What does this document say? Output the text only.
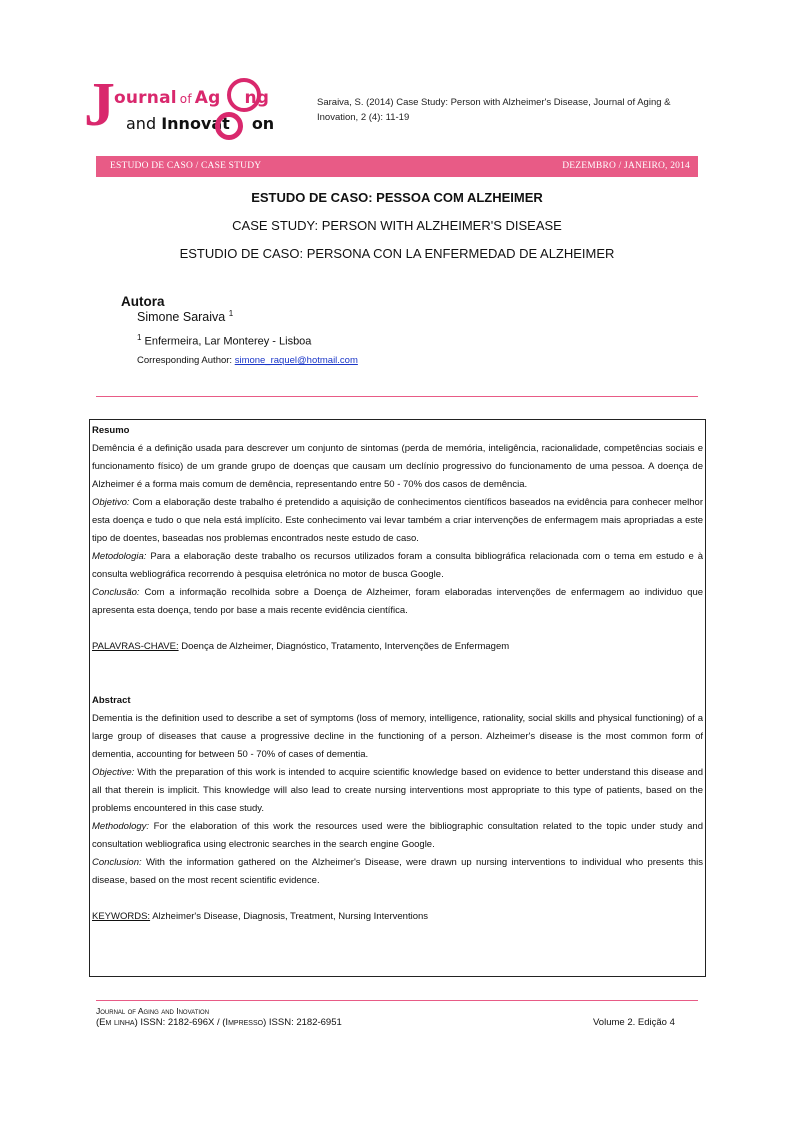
J ournal of Ag ng
and Innovat on
Saraiva, S. (2014) Case Study: Person with Alzheimer's Disease, Journal of Aging & Inovation, 2 (4): 11-19
ESTUDO DE CASO / CASE STUDY	DEZEMBRO / JANEIRO, 2014
ESTUDO DE CASO: PESSOA COM ALZHEIMER
CASE STUDY: PERSON WITH ALZHEIMER'S DISEASE
ESTUDIO DE CASO: PERSONA CON LA ENFERMEDAD DE ALZHEIMER
Autora
Simone Saraiva $^1$
$^1$ Enfermeira, Lar Monterey - Lisboa
Corresponding Author: simone_raquel@hotmail.com
Resumo

Demência é a definição usada para descrever um conjunto de sintomas (perda de memória, inteligência, racionalidade, competências sociais e funcionamento físico) de um grande grupo de doenças que causam um declínio progressivo do funcionamento de uma pessoa. A doença de Alzheimer é a forma mais comum de demência, representando entre 50 - 70% dos casos de demência.

Objetivo: Com a elaboração deste trabalho é pretendido a aquisição de conhecimentos científicos baseados na evidência para conhecer melhor esta doença e tudo o que nela está implícito. Este conhecimento vai levar também a criar intervenções de enfermagem mais apropriadas a este tipo de doentes, baseadas nos problemas encontrados neste estudo de caso.

Metodologia: Para a elaboração deste trabalho os recursos utilizados foram a consulta bibliográfica relacionada com o tema em estudo e à consulta webliográfica recorrendo à pesquisa eletrónica no motor de busca Google.

Conclusão: Com a informação recolhida sobre a Doença de Alzheimer, foram elaboradas intervenções de enfermagem ao individuo que apresenta esta doença, tendo por base a mais recente evidência científica.

PALAVRAS-CHAVE: Doença de Alzheimer, Diagnóstico, Tratamento, Intervenções de Enfermagem

Abstract

Dementia is the definition used to describe a set of symptoms (loss of memory, intelligence, rationality, social skills and physical functioning) of a large group of diseases that cause a progressive decline in the functioning of a person. Alzheimer's disease is the most common form of dementia, accounting for between 50 - 70% of cases of dementia.

Objective: With the preparation of this work is intended to acquire scientific knowledge based on evidence to better understand this disease and all that therein is implicit. This knowledge will also lead to create nursing interventions most appropriate to this type of patients, based on the problems encountered in this case study.

Methodology: For the elaboration of this work the resources used were the bibliographic consultation related to the topic under study and consultation webliografica using electronic searches in the search engine Google.

Conclusion: With the information gathered on the Alzheimer's Disease, were drawn up nursing interventions to individual who presents this disease, based on the most recent scientific evidence.

KEYWORDS: Alzheimer's Disease, Diagnosis, Treatment, Nursing Interventions

Journal of Aging and Inovation
(Em linha) ISSN: 2182-696X / (Impresso) ISSN: 2182-6951	Volume 2. Edição 4
